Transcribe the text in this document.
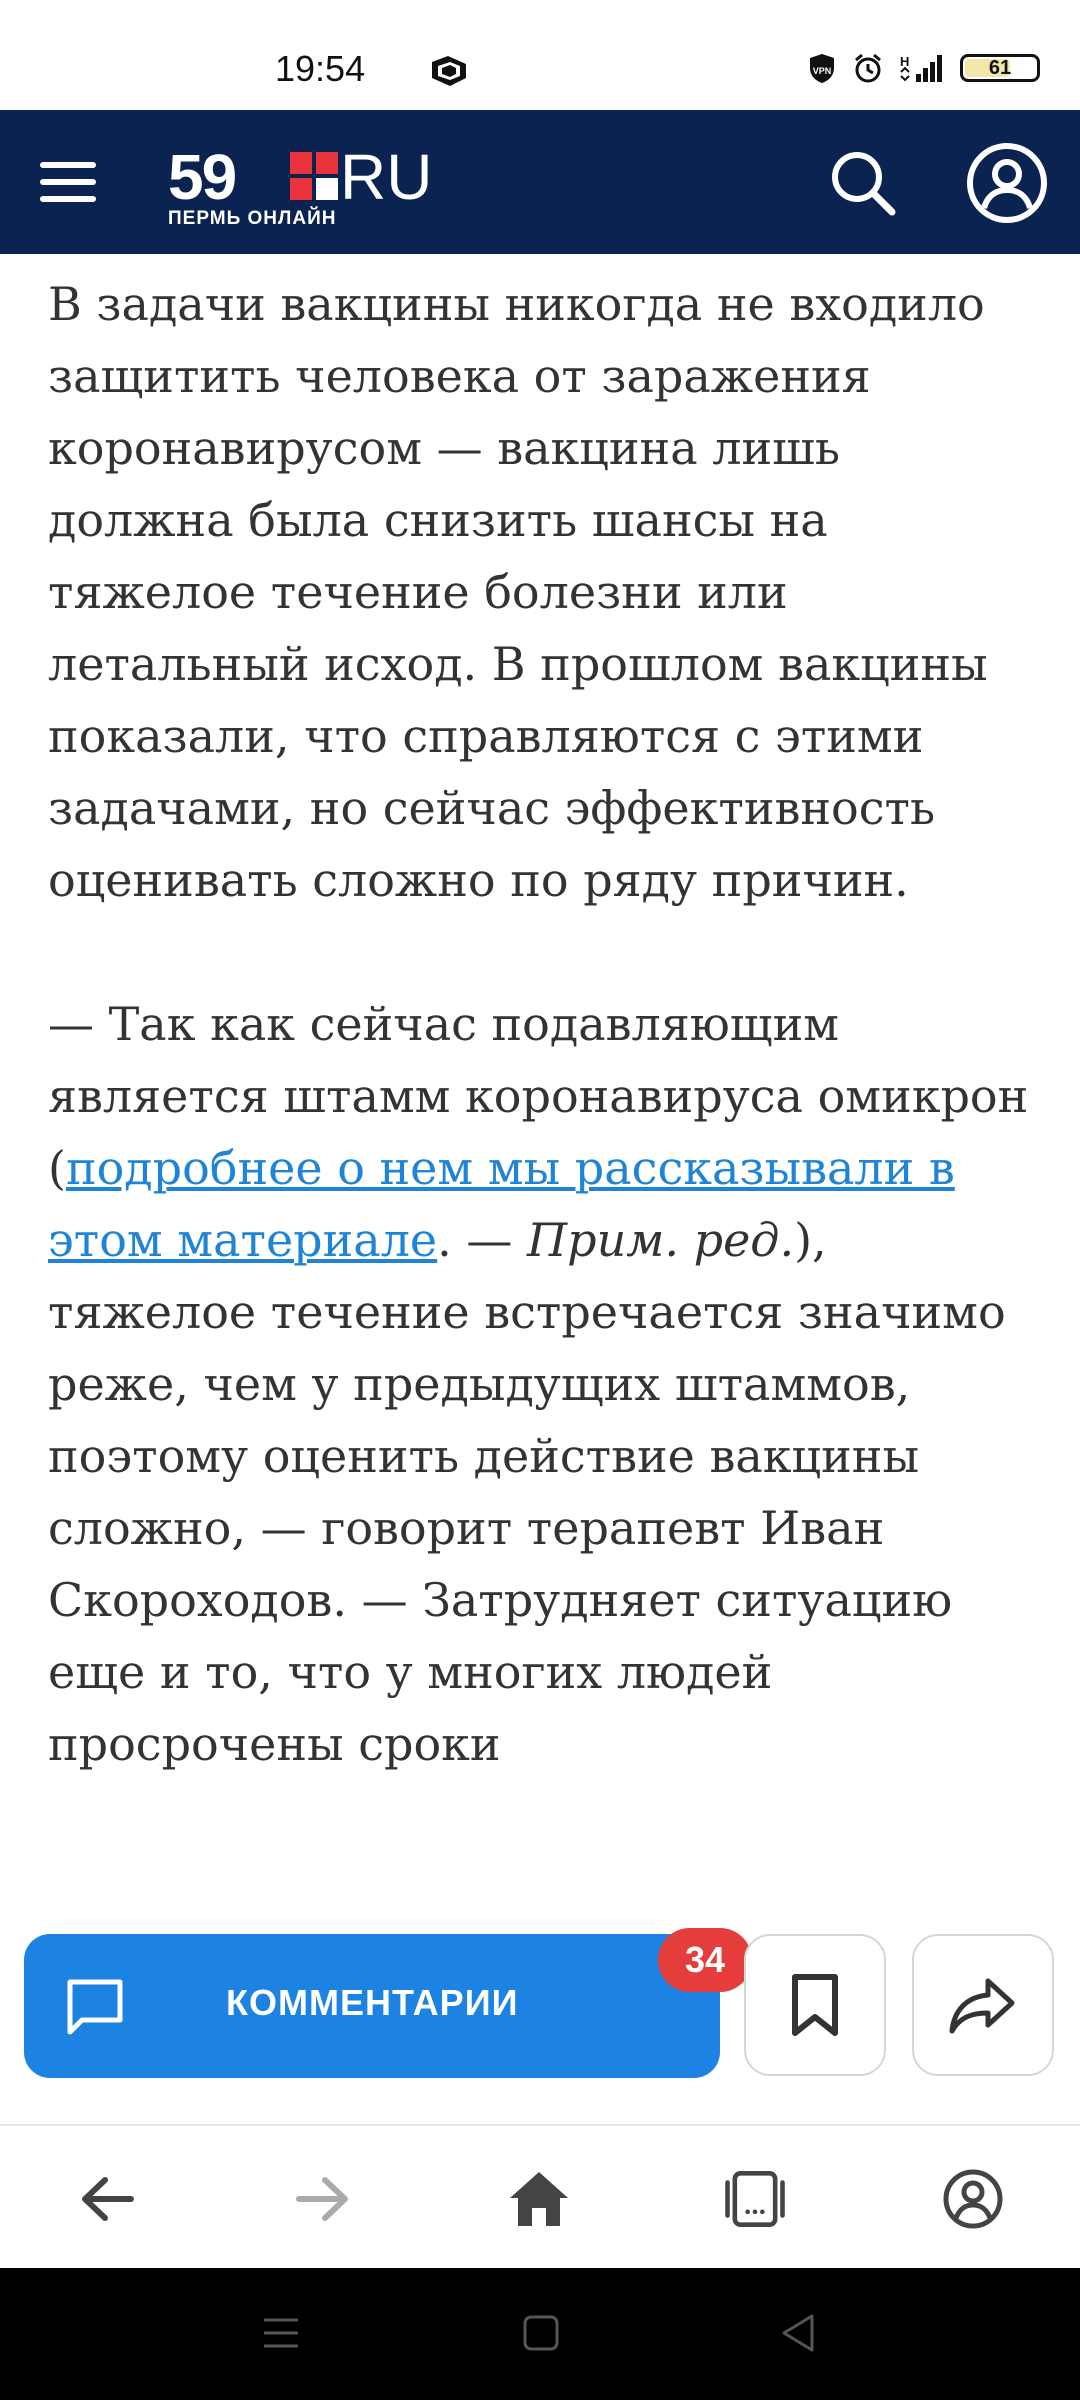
19:54	VPN
H	61
59 RU
ПЕРМЬ ОНЛАЙН

В задачи вакцины никогда не входило защитить человека от заражения коронавирусом — вакцина лишь должна была снизить шансы на тяжелое течение болезни или летальный исход. В прошлом вакцины показали, что справляются с этими задачами, но сейчас эффективность оценивать сложно по ряду причин.

— Так как сейчас подавляющим является штамм коронавируса омикрон (подробнее о нем мы рассказывали в этом материале. — Прим. ред.), тяжелое течение встречается значимо реже, чем у предыдущих штаммов, поэтому оценить действие вакцины сложно, — говорит терапевт Иван Скороходов. — Затрудняет ситуацию еще и то, что у многих людей просрочены сроки

КОММЕНТАРИИ
34
